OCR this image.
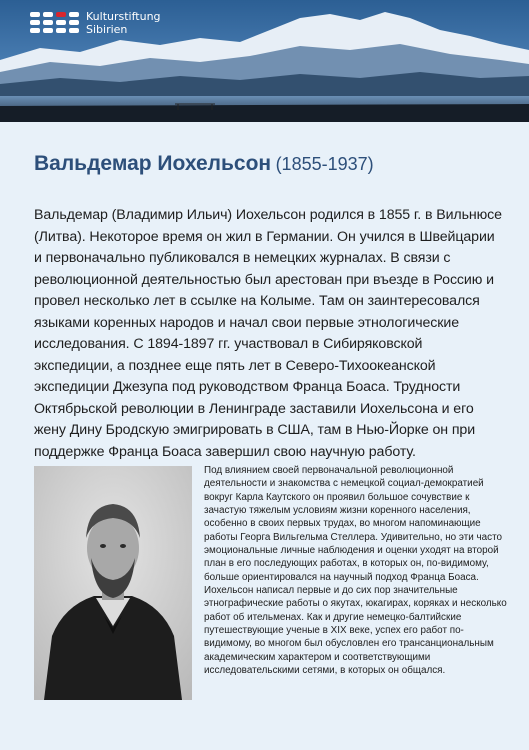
Kulturstiftung
Sibirien
Вальдемар Иохельсон (1855-1937)

Вальдемар (Владимир Ильич) Иохельсон родился в 1855 г. в Вильнюсе (Литва). Некоторое время он жил в Германии. Он учился в Швейцарии и первоначально публиковался в немецких журналах. В связи с революционной деятельностью был арестован при въезде в Россию и провел несколько лет в ссылке на Колыме. Там он заинтересовался языками коренных народов и начал свои первые этнологические исследования. С 1894-1897 гг. участвовал в Сибиряковской экспедиции, а позднее еще пять лет в Северо-Тихоокеанской экспедиции Джезупа под руководством Франца Боаса. Трудности Октябрьской революции в Ленинграде заставили Иохельсона и его жену Дину Бродскую эмигрировать в США, там в Нью-Йорке он при поддержке Франца Боаса завершил свою научную работу.

Под влиянием своей первоначальной революционной деятельности и знакомства с немецкой социал-демократией вокруг Карла Каутского он проявил большое сочувствие к зачастую тяжелым условиям жизни коренного населения, особенно в своих первых трудах, во многом напоминающие работы Георга Вильгельма Стеллера. Удивительно, но эти часто эмоциональные личные наблюдения и оценки уходят на второй план в его последующих работах, в которых он, по-видимому, больше ориентировался на научный подход Франца Боаса. Иохельсон написал первые и до сих пор значительные этнографические работы о якутах, юкагирах, коряках и несколько работ об ительменах. Как и другие немецко-балтийские путешествующие ученые в XIX веке, успех его работ по-видимому, во многом был обусловлен его трансанциональным академическим характером и соответствующими исследовательскими сетями, в которых он общался.
